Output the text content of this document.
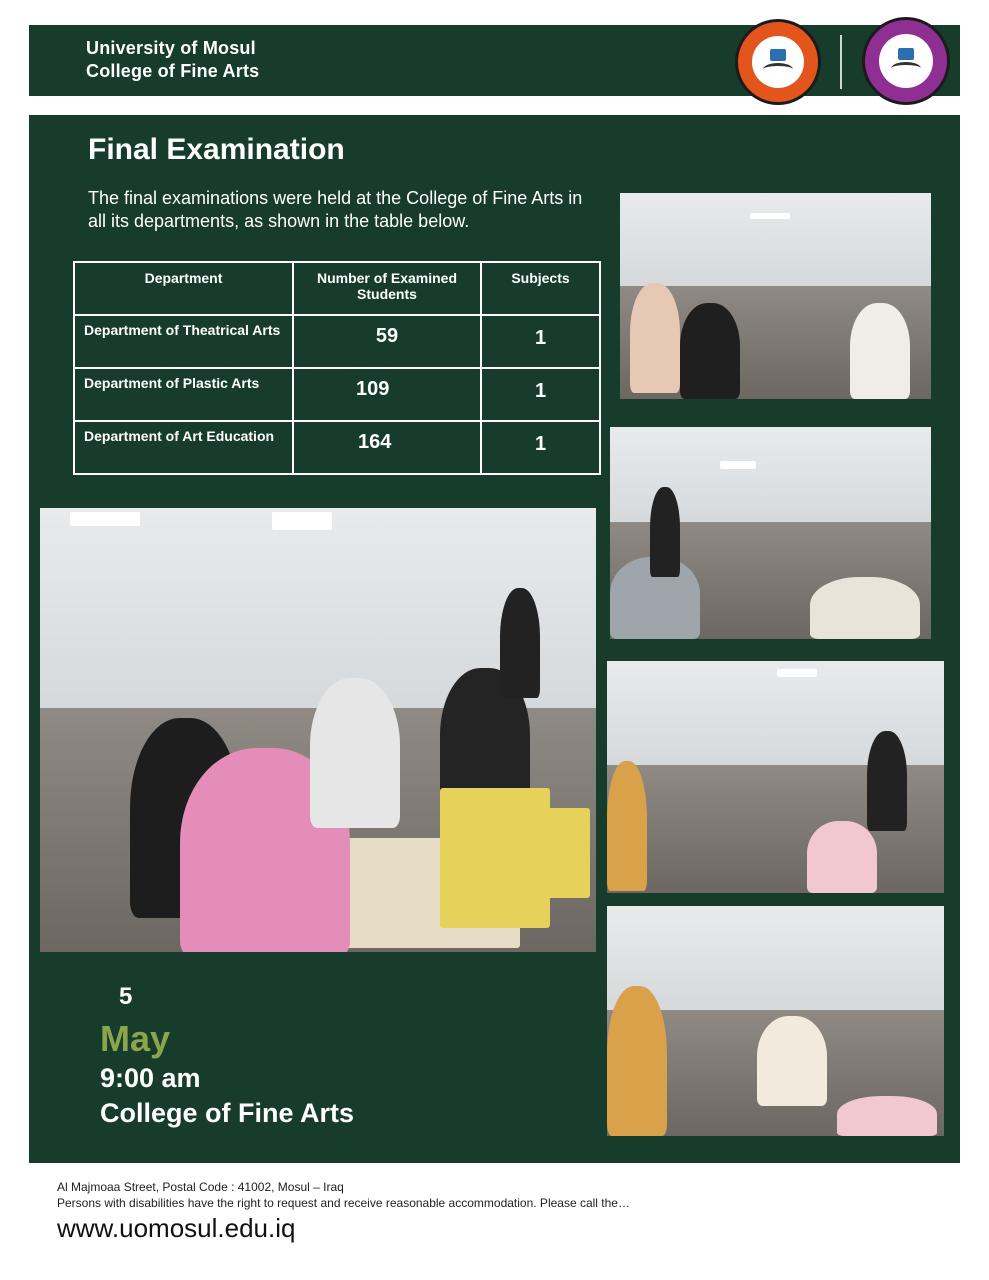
University of Mosul
College of Fine Arts
Final Examination
The final examinations were held at the College of Fine Arts in all its departments, as shown in the table below.
Department	Number of Examined Students	Subjects
Department of Theatrical Arts	59	1
Department of Plastic Arts	109	1
Department of Art Education	164	1
5
May
9:00 am
College of Fine Arts
Al Majmoaa Street, Postal Code : 41002, Mosul – Iraq
Persons with disabilities have the right to request and receive reasonable accommodation. Please call the…
www.uomosul.edu.iq
